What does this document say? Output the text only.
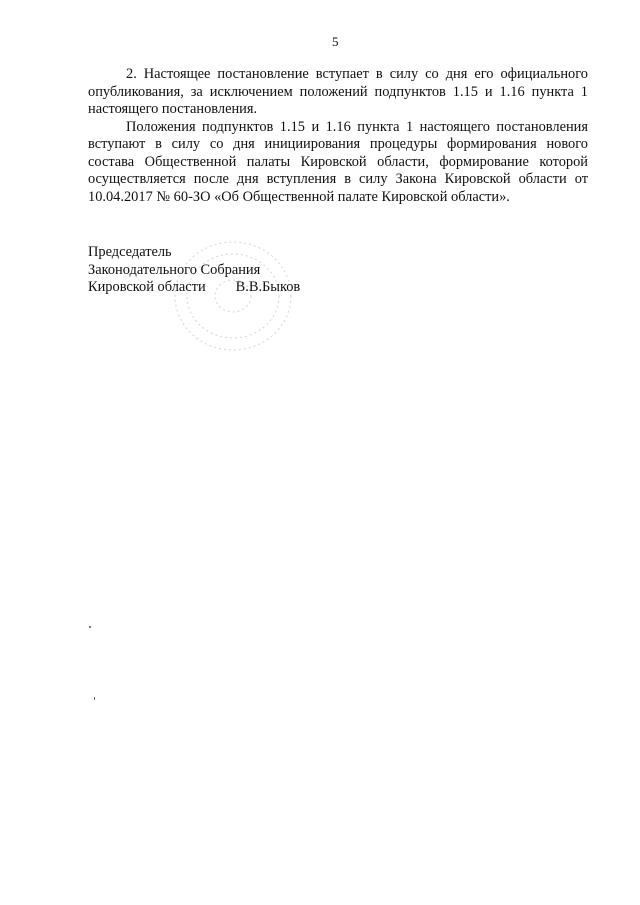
5

2. Настоящее постановление вступает в силу со дня его официального опубликования, за исключением положений подпунктов 1.15 и 1.16 пункта 1 настоящего постановления.

Положения подпунктов 1.15 и 1.16 пункта 1 настоящего постановления вступают в силу со дня инициирования процедуры формирования нового состава Общественной палаты Кировской области, формирование которой осуществляется после дня вступления в силу Закона Кировской области от 10.04.2017 № 60-ЗО «Об Общественной палате Кировской области».

Председатель
Законодательного Собрания
Кировской области В.В.Быков
